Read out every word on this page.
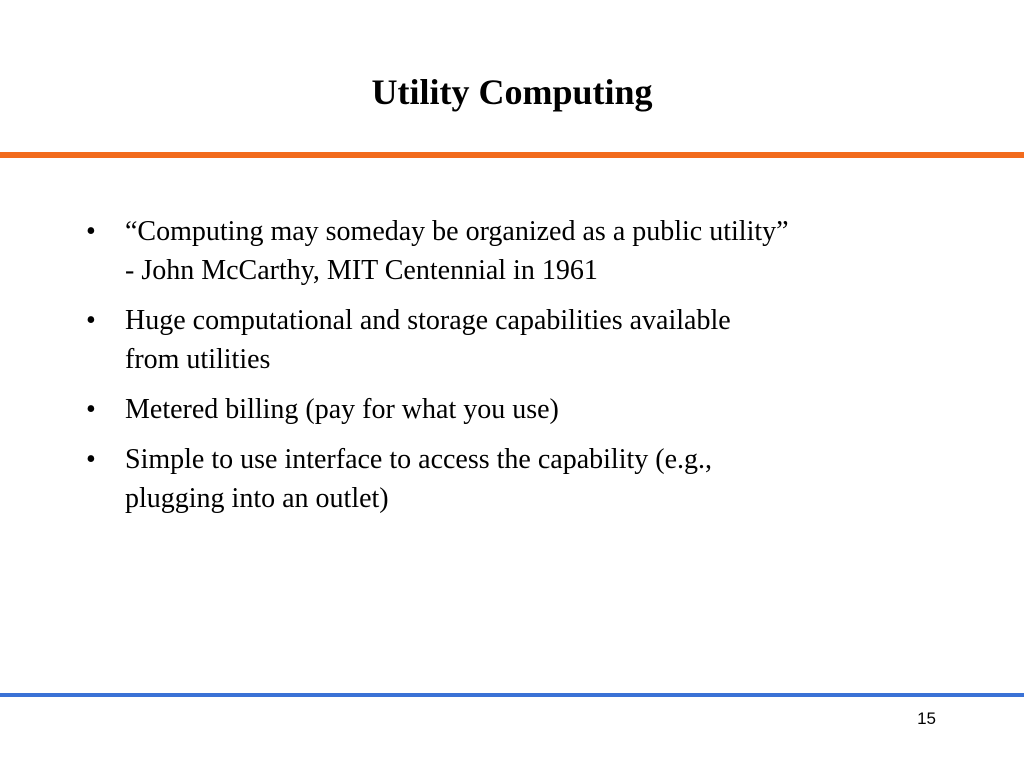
Utility Computing
•	“Computing may someday be organized as a public utility”
- John McCarthy, MIT Centennial in 1961
•	Huge computational and storage capabilities available
from utilities
•	Metered billing (pay for what you use)
•	Simple to use interface to access the capability (e.g.,
plugging into an outlet)
15
